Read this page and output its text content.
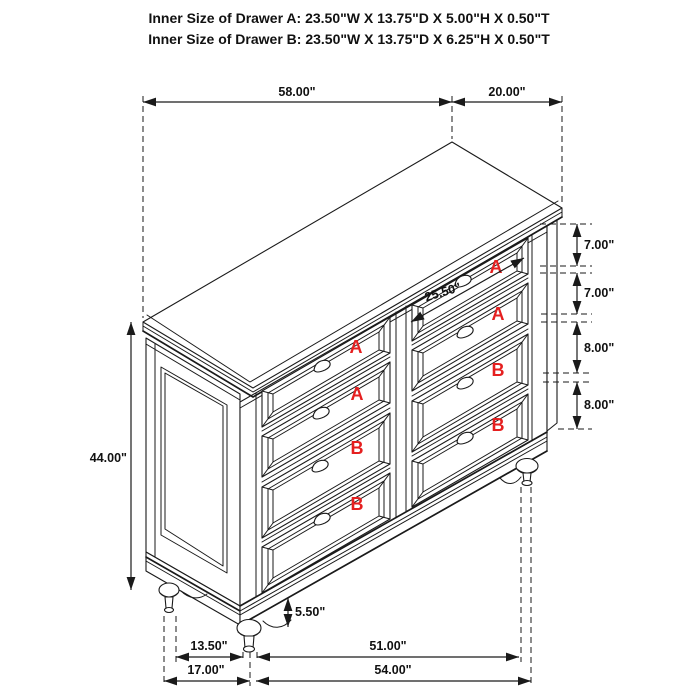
Inner Size of Drawer A: 23.50"W X 13.75"D X 5.00"H X 0.50"T
Inner Size of Drawer B: 23.50"W X 13.75"D X 6.25"H X 0.50"T
A
A
B
B
A
A
B
B
58.00"	20.00"
7.00"
7.00"
8.00"
8.00"
44.00"
25.50"
5.50"
13.50"	51.00"
17.00"	54.00"
